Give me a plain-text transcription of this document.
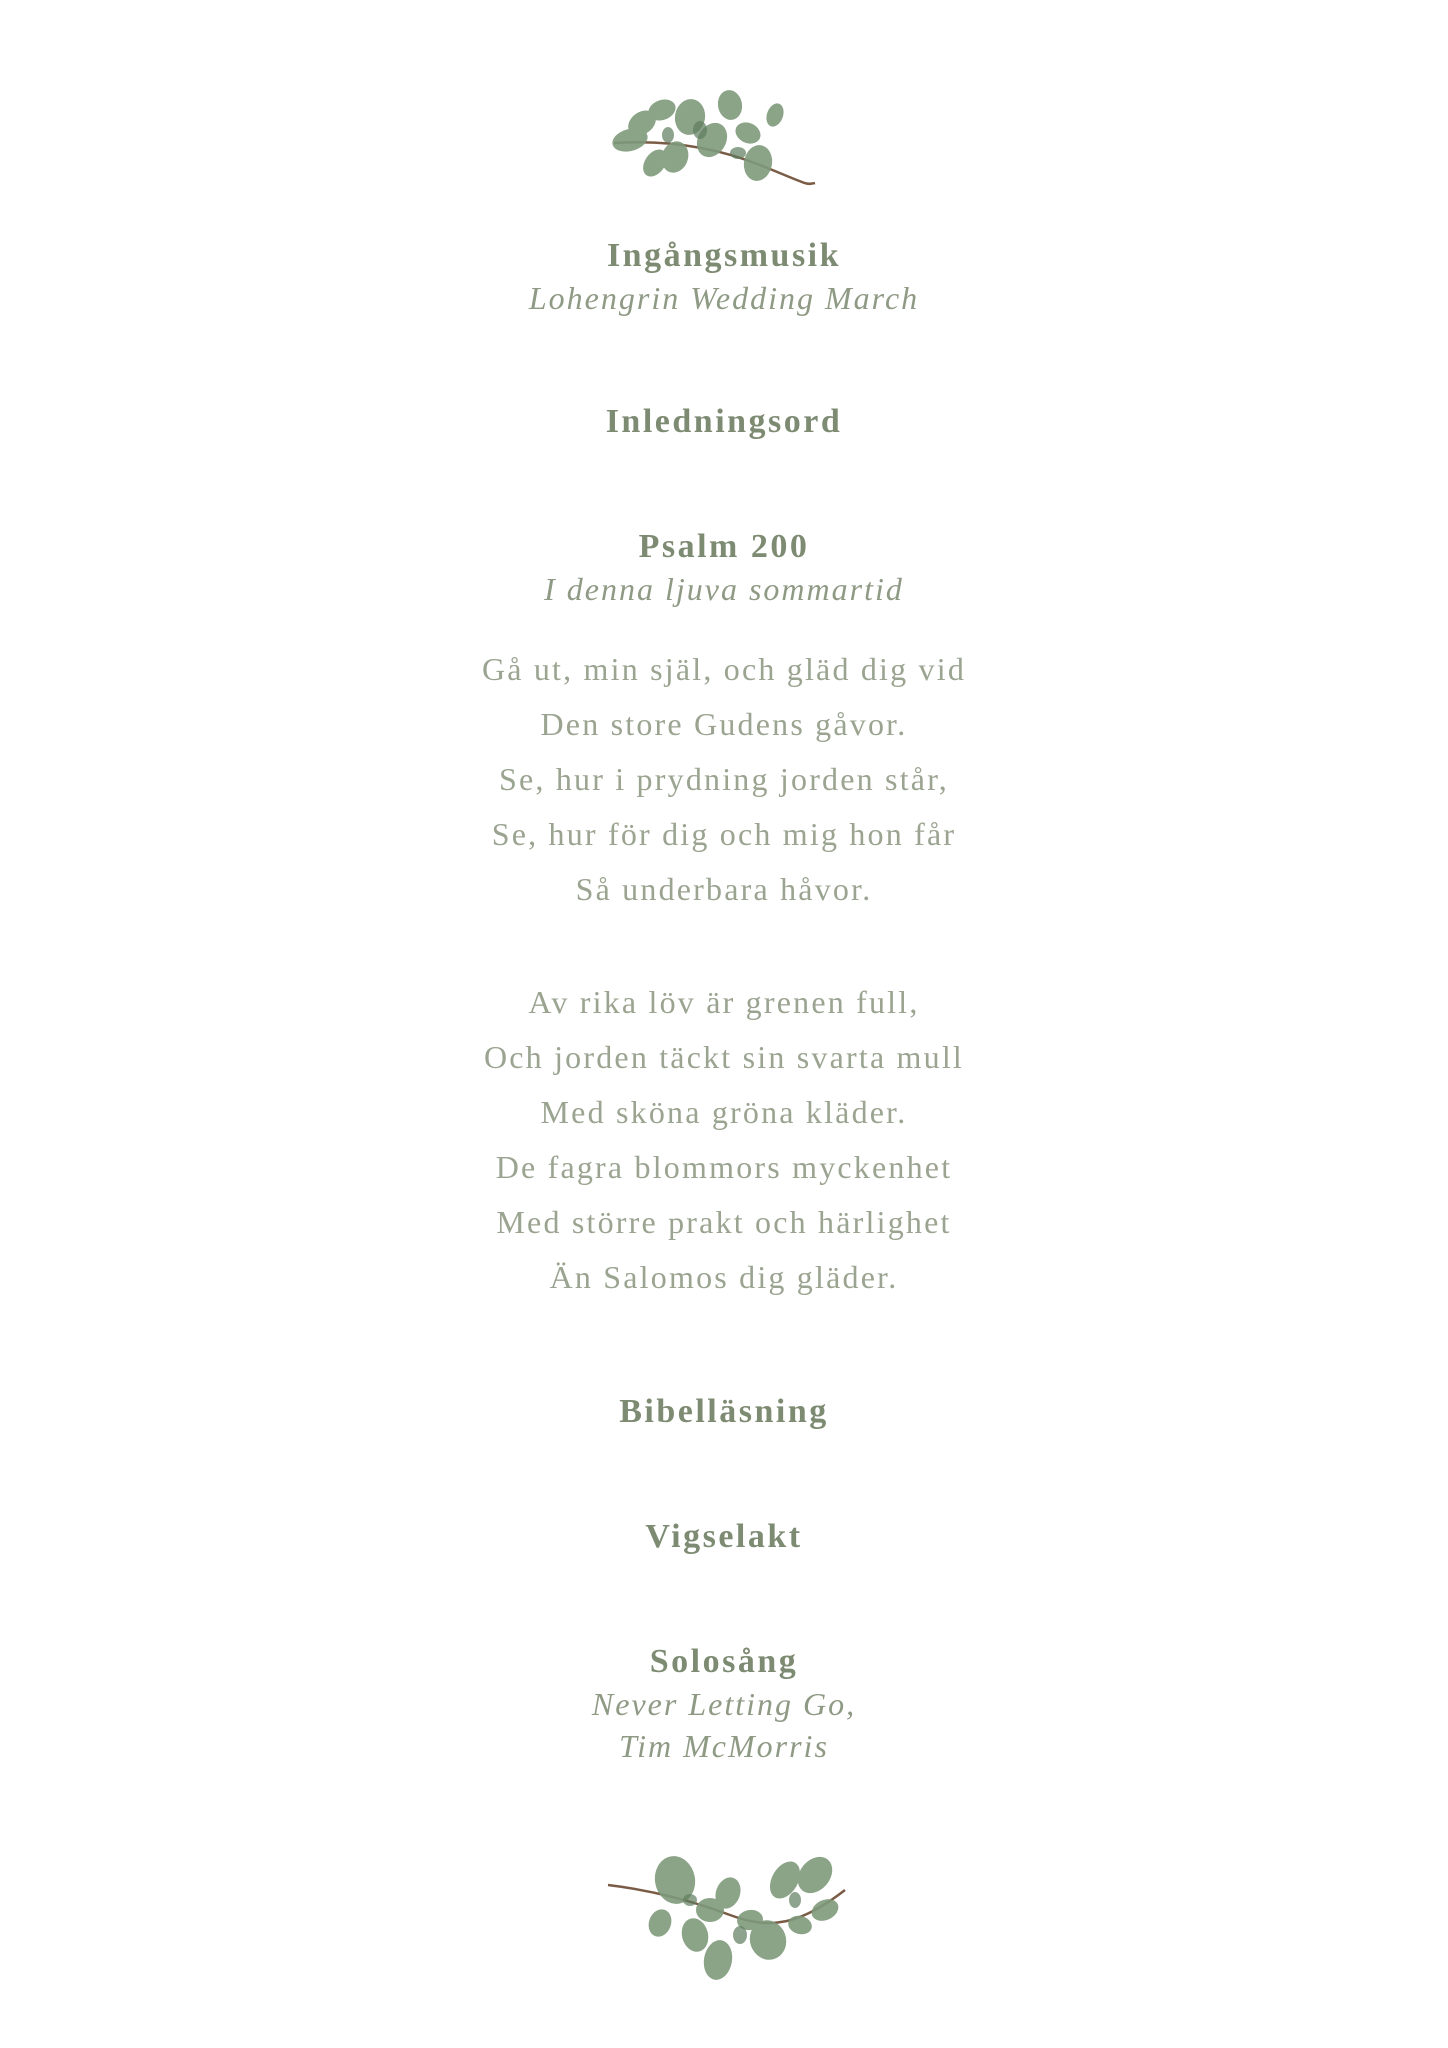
Ingångsmusik
Lohengrin Wedding March
Inledningsord
Psalm 200
I denna ljuva sommartid
Gå ut, min själ, och gläd dig vid
Den store Gudens gåvor.
Se, hur i prydning jorden står,
Se, hur för dig och mig hon får
Så underbara håvor.
Av rika löv är grenen full,
Och jorden täckt sin svarta mull
Med sköna gröna kläder.
De fagra blommors myckenhet
Med större prakt och härlighet
Än Salomos dig gläder.
Bibelläsning
Vigselakt
Solosång
Never Letting Go,
Tim McMorris
